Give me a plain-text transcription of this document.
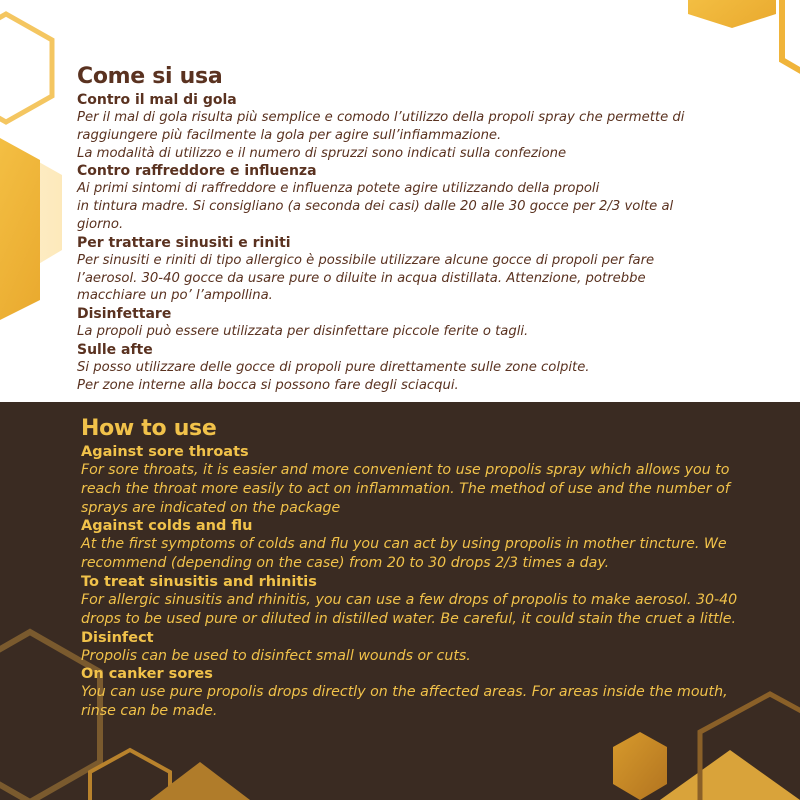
Come si usa

Contro il mal di gola

Per il mal di gola risulta più semplice e comodo l’utilizzo della propoli spray che permette di
raggiungere più facilmente la gola per agire sull’infiammazione.
La modalità di utilizzo e il numero di spruzzi sono indicati sulla confezione

Contro raffreddore e influenza

Ai primi sintomi di raffreddore e influenza potete agire utilizzando della propoli
in tintura madre. Si consigliano (a seconda dei casi) dalle 20 alle 30 gocce per 2/3 volte al
giorno.

Per trattare sinusiti e riniti

Per sinusiti e riniti di tipo allergico è possibile utilizzare alcune gocce di propoli per fare
l’aerosol. 30-40 gocce da usare pure o diluite in acqua distillata. Attenzione, potrebbe
macchiare un po’ l’ampollina.

Disinfettare

La propoli può essere utilizzata per disinfettare piccole ferite o tagli.

Sulle afte

Si posso utilizzare delle gocce di propoli pure direttamente sulle zone colpite.
Per zone interne alla bocca si possono fare degli sciacqui.

How to use

Against sore throats

For sore throats, it is easier and more convenient to use propolis spray which allows you to
reach the throat more easily to act on inflammation. The method of use and the number of
sprays are indicated on the package

Against colds and flu

At the first symptoms of colds and flu you can act by using propolis in mother tincture. We
recommend (depending on the case) from 20 to 30 drops 2/3 times a day.

To treat sinusitis and rhinitis

For allergic sinusitis and rhinitis, you can use a few drops of propolis to make aerosol. 30-40
drops to be used pure or diluted in distilled water. Be careful, it could stain the cruet a little.

Disinfect

Propolis can be used to disinfect small wounds or cuts.

On canker sores

You can use pure propolis drops directly on the affected areas. For areas inside the mouth,
rinse can be made.
